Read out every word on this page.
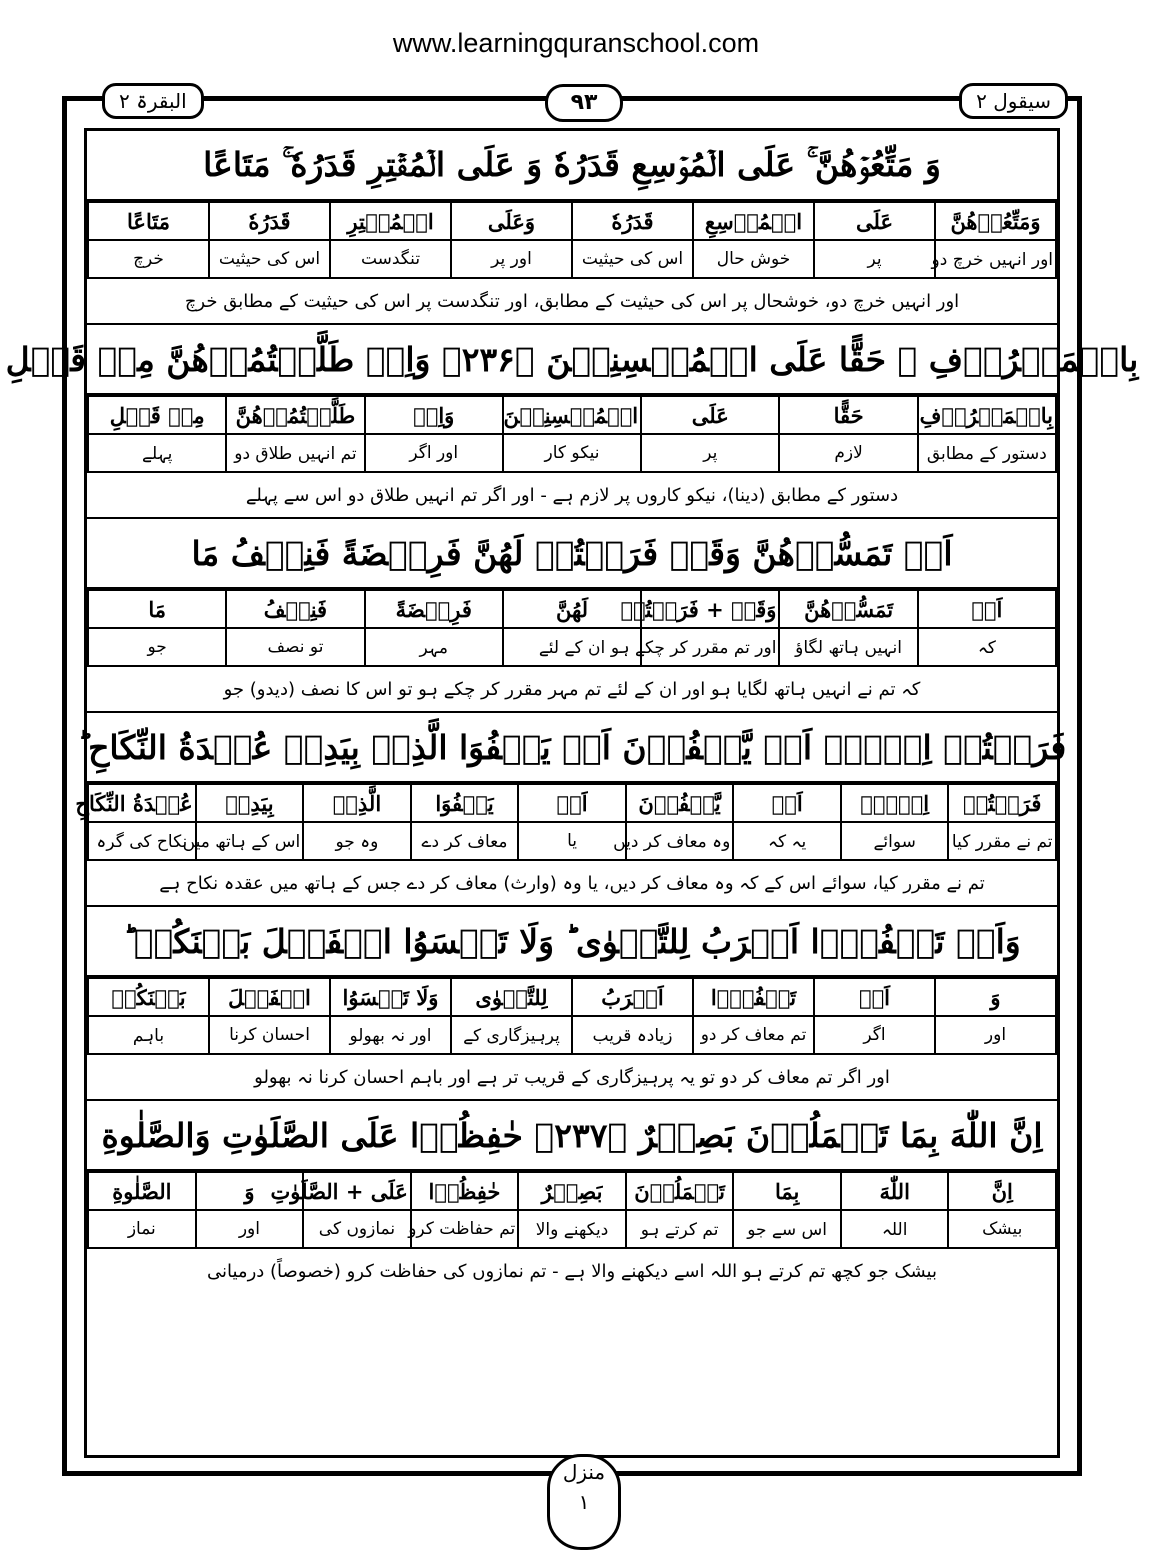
www.learningquranschool.com
سیقول ۲
البقرۃ ۲	۹۳
وَ مَتِّعُوۡهُنَّ ۚ عَلَى الۡمُوۡسِعِ قَدَرُهٗ وَ عَلَى الۡمُقۡتِرِ قَدَرُهٗ ۚ مَتَاعًا
وَمَتِّعُوۡهُنَّ	عَلَى	الۡمُوۡسِعِ	قَدَرُهٗ	وَعَلَى	الۡمُقۡتِرِ	قَدَرُهٗ	مَتَاعًا
اور انہیں خرچ دو	پر	خوش حال	اس کی حیثیت	اور پر	تنگدست	اس کی حیثیت	خرچ
اور انہیں خرچ دو، خوشحال پر اس کی حیثیت کے مطابق، اور تنگدست پر اس کی حیثیت کے مطابق خرچ
بِالۡمَعۡرُوۡفِ ۚ حَقًّا عَلَى الۡمُحۡسِنِيۡنَ ﴿۲۳۶﴾ وَاِنۡ طَلَّقۡتُمُوۡهُنَّ مِنۡ قَبۡلِ
بِالۡمَعۡرُوۡفِ	حَقًّا	عَلَى	الۡمُحۡسِنِيۡنَ	وَاِنۡ	طَلَّقۡتُمُوۡهُنَّ	مِنۡ قَبۡلِ
دستور کے مطابق	لازم	پر	نیکو کار	اور اگر	تم انہیں طلاق دو	پہلے
دستور کے مطابق (دینا)، نیکو کاروں پر لازم ہے - اور اگر تم انہیں طلاق دو اس سے پہلے
اَنۡ تَمَسُّوۡهُنَّ وَقَدۡ فَرَضۡتُمۡ لَهُنَّ فَرِيۡضَةً فَنِصۡفُ مَا
اَنۡ	تَمَسُّوۡهُنَّ	وَقَدۡ + فَرَضۡتُمۡ	لَهُنَّ	فَرِيۡضَةً	فَنِصۡفُ	مَا
کہ	انہیں ہاتھ لگاؤ	اور تم مقرر کر چکے ہو	ان کے لئے	مہر	تو نصف	جو
کہ تم نے انہیں ہاتھ لگایا ہو اور ان کے لئے تم مہر مقرر کر چکے ہو تو اس کا نصف (دیدو) جو
فَرَضۡتُمۡ اِلَّاۤ اَنۡ يَّعۡفُوۡنَ اَوۡ يَعۡفُوَا الَّذِىۡ بِيَدِهٖ عُقۡدَةُ النِّكَاحِ ؕ
فَرَضۡتُمۡ	اِلَّاۤ	اَنۡ	يَّعۡفُوۡنَ	اَوۡ	يَعۡفُوَا	الَّذِىۡ	بِيَدِهٖ	عُقۡدَةُ النِّكَاحِ
تم نے مقرر کیا	سوائے	یہ کہ	وہ معاف کر دیں	یا	معاف کر دے	وہ جو	اس کے ہاتھ میں	نکاح کی گرہ
تم نے مقرر کیا، سوائے اس کے کہ وہ معاف کر دیں، یا وہ (وارث) معاف کر دے جس کے ہاتھ میں عقدہ نکاح ہے
وَاَنۡ تَعۡفُوۡۤا اَقۡرَبُ لِلتَّقۡوٰى ؕ وَلَا تَنۡسَوُا الۡفَضۡلَ بَيۡنَكُمۡ ؕ
وَ	اَنۡ	تَعۡفُوۡۤا	اَقۡرَبُ	لِلتَّقۡوٰى	وَلَا تَنۡسَوُا	الۡفَضۡلَ	بَيۡنَكُمۡ
اور	اگر	تم معاف کر دو	زیادہ قریب	پرہیزگاری کے	اور نہ بھولو	احسان کرنا	باہم
اور اگر تم معاف کر دو تو یہ پرہیزگاری کے قریب تر ہے اور باہم احسان کرنا نہ بھولو
اِنَّ اللّٰهَ بِمَا تَعۡمَلُوۡنَ بَصِيۡرٌ ﴿۲۳۷﴾ حٰفِظُوۡا عَلَى الصَّلَوٰتِ وَالصَّلٰوةِ
اِنَّ	اللّٰهَ	بِمَا	تَعۡمَلُوۡنَ	بَصِيۡرٌ	حٰفِظُوۡا	عَلَى + الصَّلَوٰتِ	وَ	الصَّلٰوةِ
بیشک	اللہ	اس سے جو	تم کرتے ہو	دیکھنے والا	تم حفاظت کرو	نمازوں کی	اور	نماز
بیشک جو کچھ تم کرتے ہو اللہ اسے دیکھنے والا ہے - تم نمازوں کی حفاظت کرو (خصوصاً) درمیانی
منزل
۱
